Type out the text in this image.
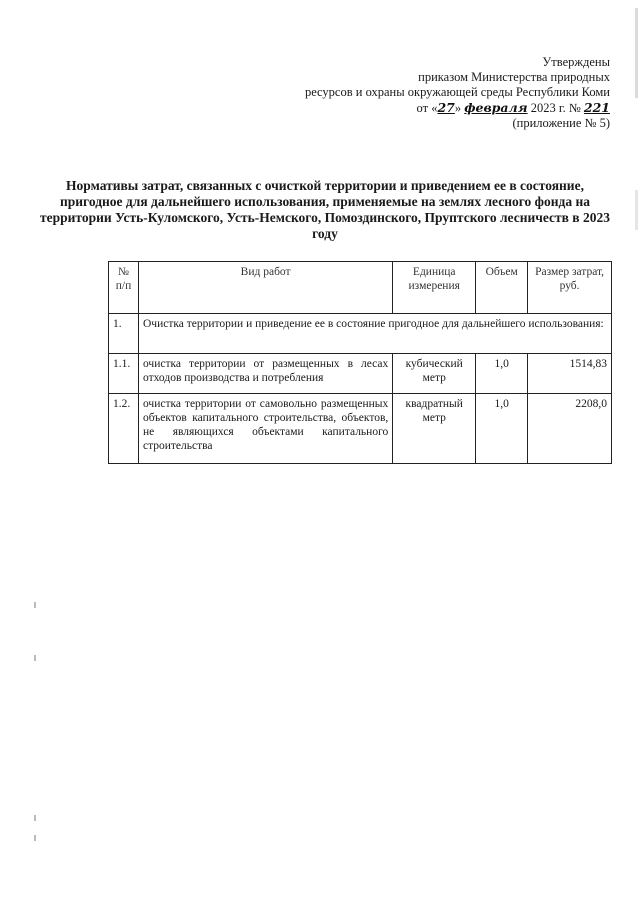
Утверждены
приказом Министерства природных
ресурсов и охраны окружающей среды Республики Коми
от «27» февраля 2023 г. № 221
(приложение № 5)
Нормативы затрат, связанных с очисткой территории и приведением ее в состояние, пригодное для дальнейшего использования, применяемые на землях лесного фонда на территории Усть-Куломского, Усть-Немского, Помоздинского, Пруптского лесничеств в 2023 году
№ п/п	Вид работ	Единица измерения	Объем	Размер затрат, руб.
1.	Очистка территории и приведение ее в состояние пригодное для дальнейшего использования:			
1.1.	очистка территории от размещенных в лесах отходов производства и потребления	кубический метр	1,0	1514,83
1.2.	очистка территории от самовольно размещенных объектов капитального строительства, объектов, не являющихся объектами капитального строительства	квадратный метр	1,0	2208,0
